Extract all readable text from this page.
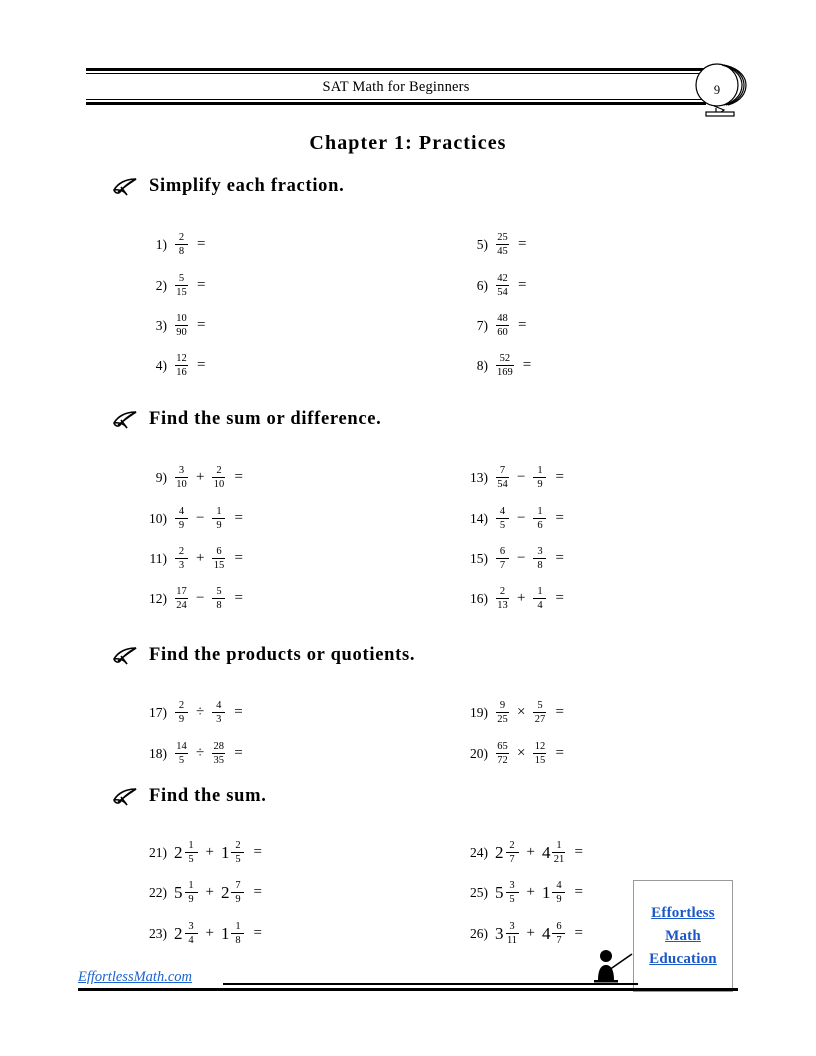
SAT Math for Beginners	9
Chapter 1: Practices
Simplify each fraction.
$1) \frac{2}{8}$ =
$2) \frac{5}{15}$ =
$3) \frac{10}{90}$ =
$4) \frac{12}{16}$ =
$5) \frac{25}{45}$ =
$6) \frac{42}{54}$ =
$7) \frac{48}{60}$ =
$8) \frac{52}{169}$ =
Find the sum or difference.
$9) \frac{3}{10} + \frac{2}{10}$ =
$10) \frac{4}{9} - \frac{1}{9}$ =
$11) \frac{2}{3} + \frac{6}{15}$ =
$12) \frac{17}{24} - \frac{5}{8}$ =
$13) \frac{7}{54} - \frac{1}{9}$ =
$14) \frac{4}{5} - \frac{1}{6}$ =
$15) \frac{6}{7} - \frac{3}{8}$ =
$16) \frac{2}{13} + \frac{1}{4}$ =
Find the products or quotients.
$17) \frac{2}{9} \div \frac{4}{3}$ =
$18) \frac{14}{5} \div \frac{28}{35}$ =
$19) \frac{9}{25} \times \frac{5}{27}$ =
$20) \frac{65}{72} \times \frac{12}{15}$ =
Find the sum.
21) $2 \frac{1}{5} + 1 \frac{2}{5}$ =
22) $5 \frac{1}{9} + 2 \frac{7}{9}$ =
23) $2 \frac{3}{4} + 1 \frac{1}{8}$ =
24) $2 \frac{2}{7} + 4 \frac{1}{21}$ =
25) $5 \frac{3}{5} + 1 \frac{4}{9}$ =
26) $3 \frac{3}{11} + 4 \frac{6}{7}$ =
Effortless
Math
Education
EffortlessMath.com
